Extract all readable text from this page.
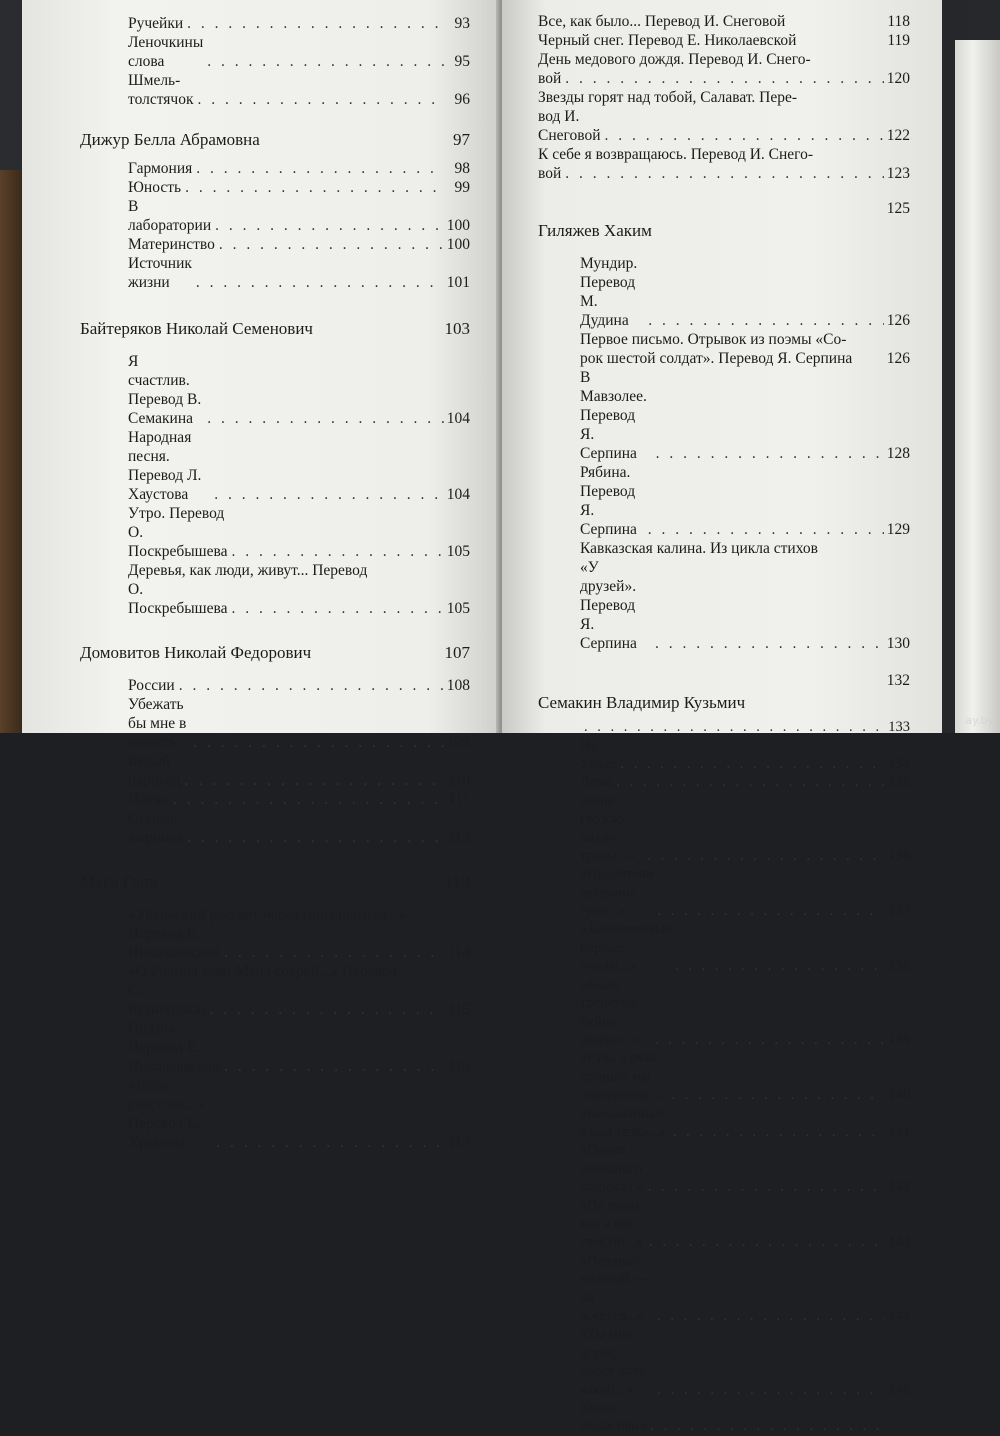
Ручейки . . .	93
Леночкины слова . . .	95
Шмель-толстячок . . .	96
Дижур Белла Абрамовна	97
Гармония . . .	98
Юность . . .	99
В лаборатории . . .	100
Материнство . . .	100
Источник жизни . . .	101
Байтеряков Николай Семенович	103
Я счастлив. Перевод В. Семакина . . .	104
Народная песня. Перевод Л. Хаустова . . .	104
Утро. Перевод О. Поскребышева . . .	105
Деревья, как люди, живут... Перевод
О. Поскребышева . . .	105
Домовитов Николай Федорович	107
России . . .	108
Убежать бы мне в юность . . .	109
Белый пароход . . .	110
Плечо . . .	111
Старые жернова . . .	112
Муса Гали	113
«Уральский рассвет через горы шагнул...»
Перевод Е. Николаевской . . .	114
«О Родина моя! Меня согрей...» Перевод
С. Кузнецовой . . .	115
Поэзия. Перевод Е. Николаевской . . .	115
«Если счастлив...» Перевод Е. Храмова . . .	117
Все, как было... Перевод И. Снеговой	118
Черный снег. Перевод Е. Николаевской	119
День медового дождя. Перевод И. Снего-
вой . . .	120
Звезды горят над тобой, Салават. Пере-
вод И. Снеговой . . .	122
К себе я возвращаюсь. Перевод И. Снего-
вой . . .	123
125
Гиляжев Хаким
Мундир. Перевод М. Дудина . . .	126
Первое письмо. Отрывок из поэмы «Со-
рок шестой солдат». Перевод Я. Серпина	126
В Мавзолее. Перевод Я. Серпина . . .	128
Рябина. Перевод Я. Серпина . . .	129
Кавказская калина. Из цикла стихов
«У друзей». Перевод Я. Серпина . . .	130
132
Семакин Владимир Кузьмич
. . .
133
На Урале . . .	134
Дома . . .	135
«Еще грозою пахли травы...» . . .	136
«Пролетели весенние гуси...» . . .	137
«Хлопотливые первые пчелы...» . . .	138
«Было трепетно, буйно, зелено...» . . .	139
«Рука в руке прошли мы спозаранок...» . . .	140
«Безымянные, я вам тезка...» . . .	141
«Около песчаного закоска...» . . .	142
«Не знаю, как я век свекую...» . . .	143
«Нежный-нежный — не жжется...» . . .	144
«Ты мне дорог, дорог хоть какой...» . . .	145
Колос. Колосович
. . .
ay.by
